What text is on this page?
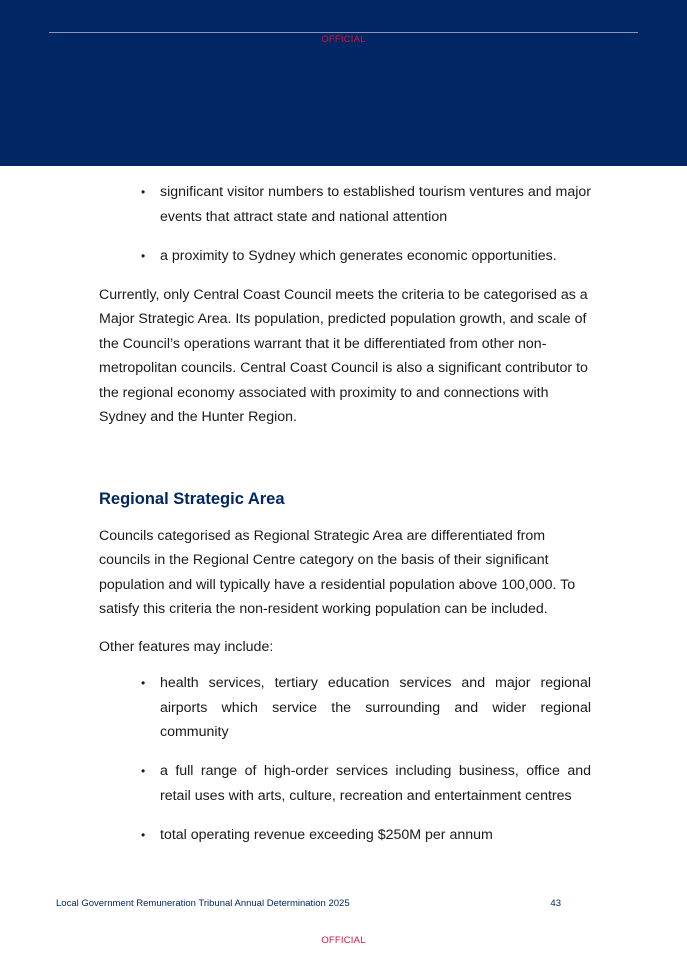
OFFICIAL
• significant visitor numbers to established tourism ventures and major events that attract state and national attention
• a proximity to Sydney which generates economic opportunities.

Currently, only Central Coast Council meets the criteria to be categorised as a Major Strategic Area. Its population, predicted population growth, and scale of the Council’s operations warrant that it be differentiated from other non-metropolitan councils. Central Coast Council is also a significant contributor to the regional economy associated with proximity to and connections with Sydney and the Hunter Region.

Regional Strategic Area

Councils categorised as Regional Strategic Area are differentiated from councils in the Regional Centre category on the basis of their significant population and will typically have a residential population above 100,000. To satisfy this criteria the non-resident working population can be included.

Other features may include:

• health services, tertiary education services and major regional airports which service the surrounding and wider regional community
• a full range of high-order services including business, office and retail uses with arts, culture, recreation and entertainment centres
• total operating revenue exceeding $250M per annum
Local Government Remuneration Tribunal Annual Determination 2025	43
OFFICIAL
